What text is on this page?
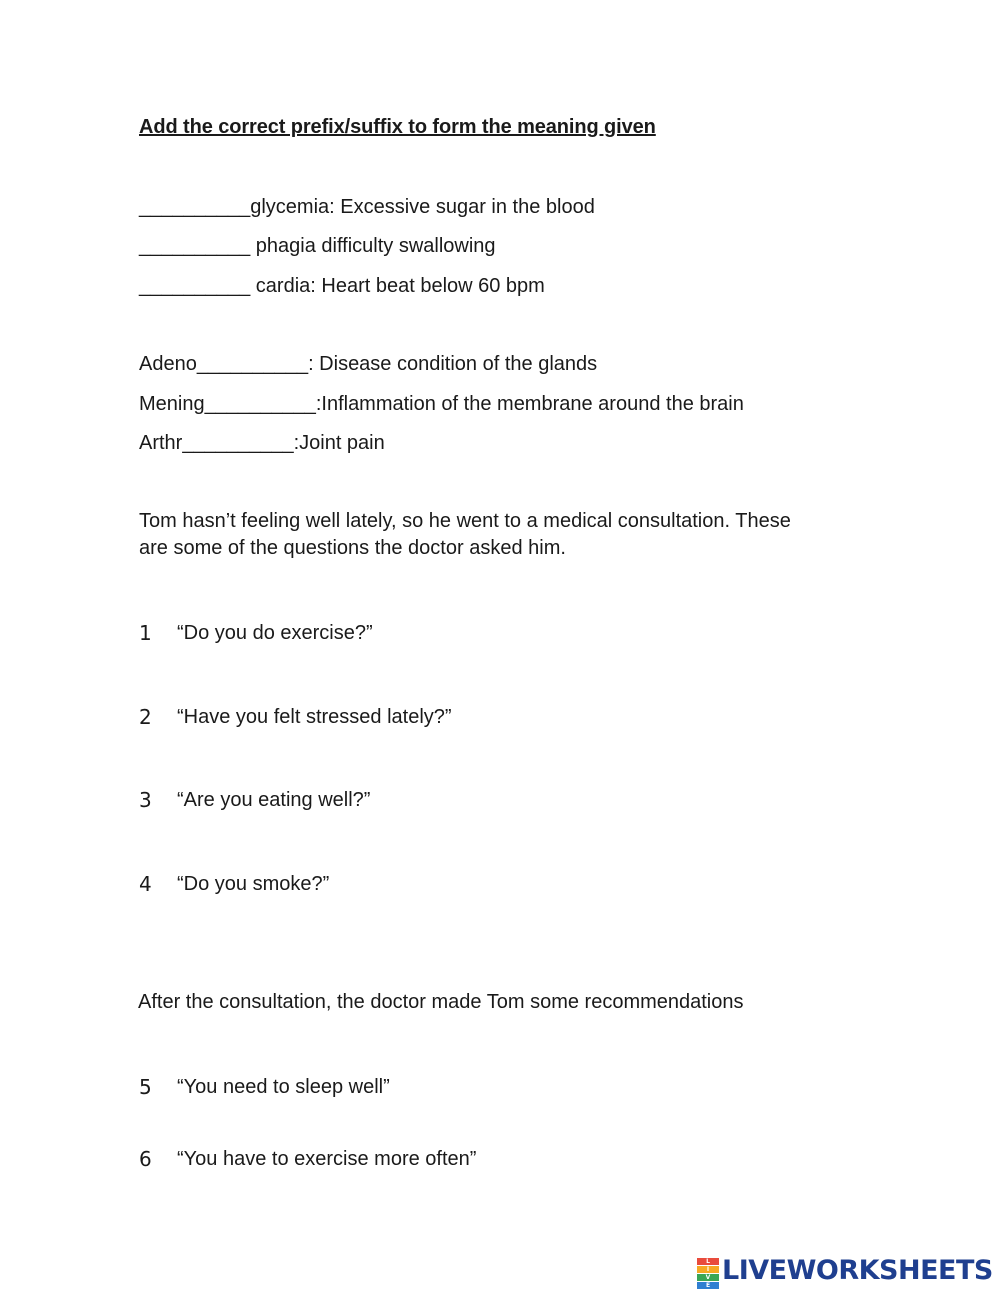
Add the correct prefix/suffix to form the meaning given
__________glycemia: Excessive sugar in the blood
__________ phagia difficulty swallowing
__________ cardia: Heart beat below 60 bpm
Adeno__________: Disease condition of the glands
Mening__________:Inflammation of the membrane around the brain
Arthr__________:Joint pain
Tom hasn’t feeling well lately, so he went to a medical consultation. These
are some of the questions the doctor asked him.
1 “Do you do exercise?”
2 “Have you felt stressed lately?”
3 “Are you eating well?”
4 “Do you smoke?”
After the consultation, the doctor made Tom some recommendations
5 “You need to sleep well”
6 “You have to exercise more often”
L
I
V
E LIVEWORKSHEETS
